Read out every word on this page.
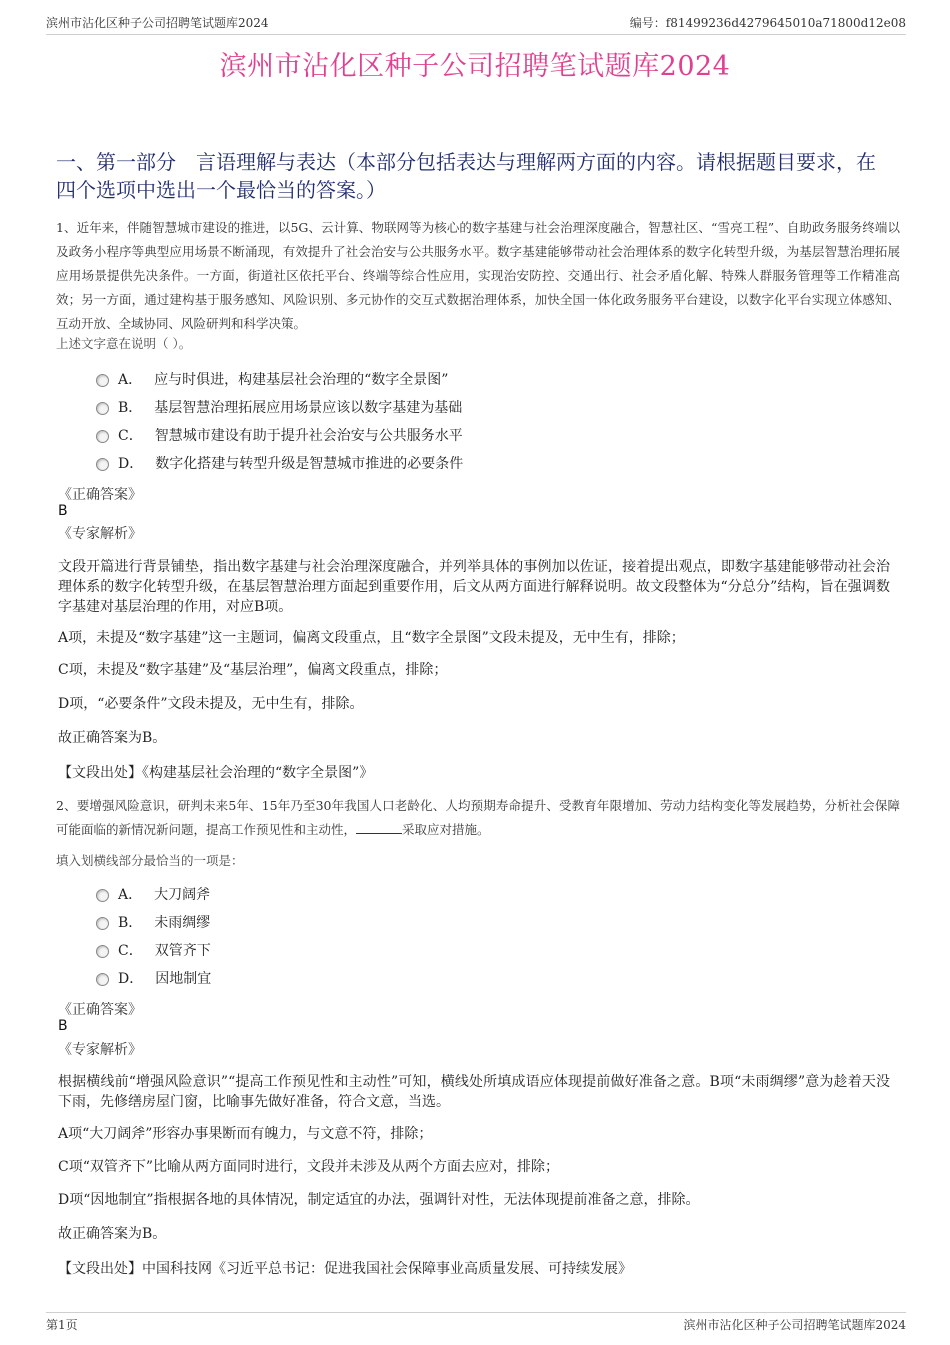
滨州市沾化区种子公司招聘笔试题库2024	编号：f81499236d4279645010a71800d12e08
滨州市沾化区种子公司招聘笔试题库2024
一、第一部分　言语理解与表达（本部分包括表达与理解两方面的内容。请根据题目要求，在四个选项中选出一个最恰当的答案。）
1、近年来，伴随智慧城市建设的推进，以5G、云计算、物联网等为核心的数字基建与社会治理深度融合，智慧社区、“雪亮工程”、自助政务服务终端以及政务小程序等典型应用场景不断涌现，有效提升了社会治安与公共服务水平。数字基建能够带动社会治理体系的数字化转型升级，为基层智慧治理拓展应用场景提供先决条件。一方面，街道社区依托平台、终端等综合性应用，实现治安防控、交通出行、社会矛盾化解、特殊人群服务管理等工作精准高效；另一方面，通过建构基于服务感知、风险识别、多元协作的交互式数据治理体系，加快全国一体化政务服务平台建设，以数字化平台实现立体感知、互动开放、全域协同、风险研判和科学决策。
上述文字意在说明（ ）。
A． 应与时俱进，构建基层社会治理的“数字全景图”
B． 基层智慧治理拓展应用场景应该以数字基建为基础
C． 智慧城市建设有助于提升社会治安与公共服务水平
D． 数字化搭建与转型升级是智慧城市推进的必要条件
《正确答案》
B
《专家解析》
文段开篇进行背景铺垫，指出数字基建与社会治理深度融合，并列举具体的事例加以佐证，接着提出观点，即数字基建能够带动社会治理体系的数字化转型升级，在基层智慧治理方面起到重要作用，后文从两方面进行解释说明。故文段整体为“分总分”结构，旨在强调数字基建对基层治理的作用，对应B项。
A项，未提及“数字基建”这一主题词，偏离文段重点，且“数字全景图”文段未提及，无中生有，排除；
C项，未提及“数字基建”及“基层治理”，偏离文段重点，排除；
D项，“必要条件”文段未提及，无中生有，排除。
故正确答案为B。
【文段出处】《构建基层社会治理的“数字全景图”》
2、要增强风险意识，研判未来5年、15年乃至30年我国人口老龄化、人均预期寿命提升、受教育年限增加、劳动力结构变化等发展趋势，分析社会保障可能面临的新情况新问题，提高工作预见性和主动性，	采取应对措施。
填入划横线部分最恰当的一项是：
A． 大刀阔斧
B． 未雨绸缪
C． 双管齐下
D． 因地制宜
《正确答案》
B
《专家解析》
根据横线前“增强风险意识”“提高工作预见性和主动性”可知，横线处所填成语应体现提前做好准备之意。B项“未雨绸缪”意为趁着天没下雨，先修缮房屋门窗，比喻事先做好准备，符合文意，当选。
A项“大刀阔斧”形容办事果断而有魄力，与文意不符，排除；
C项“双管齐下”比喻从两方面同时进行，文段并未涉及从两个方面去应对，排除；
D项“因地制宜”指根据各地的具体情况，制定适宜的办法，强调针对性，无法体现提前准备之意，排除。
故正确答案为B。
【文段出处】中国科技网《习近平总书记：促进我国社会保障事业高质量发展、可持续发展》
第1页	滨州市沾化区种子公司招聘笔试题库2024
